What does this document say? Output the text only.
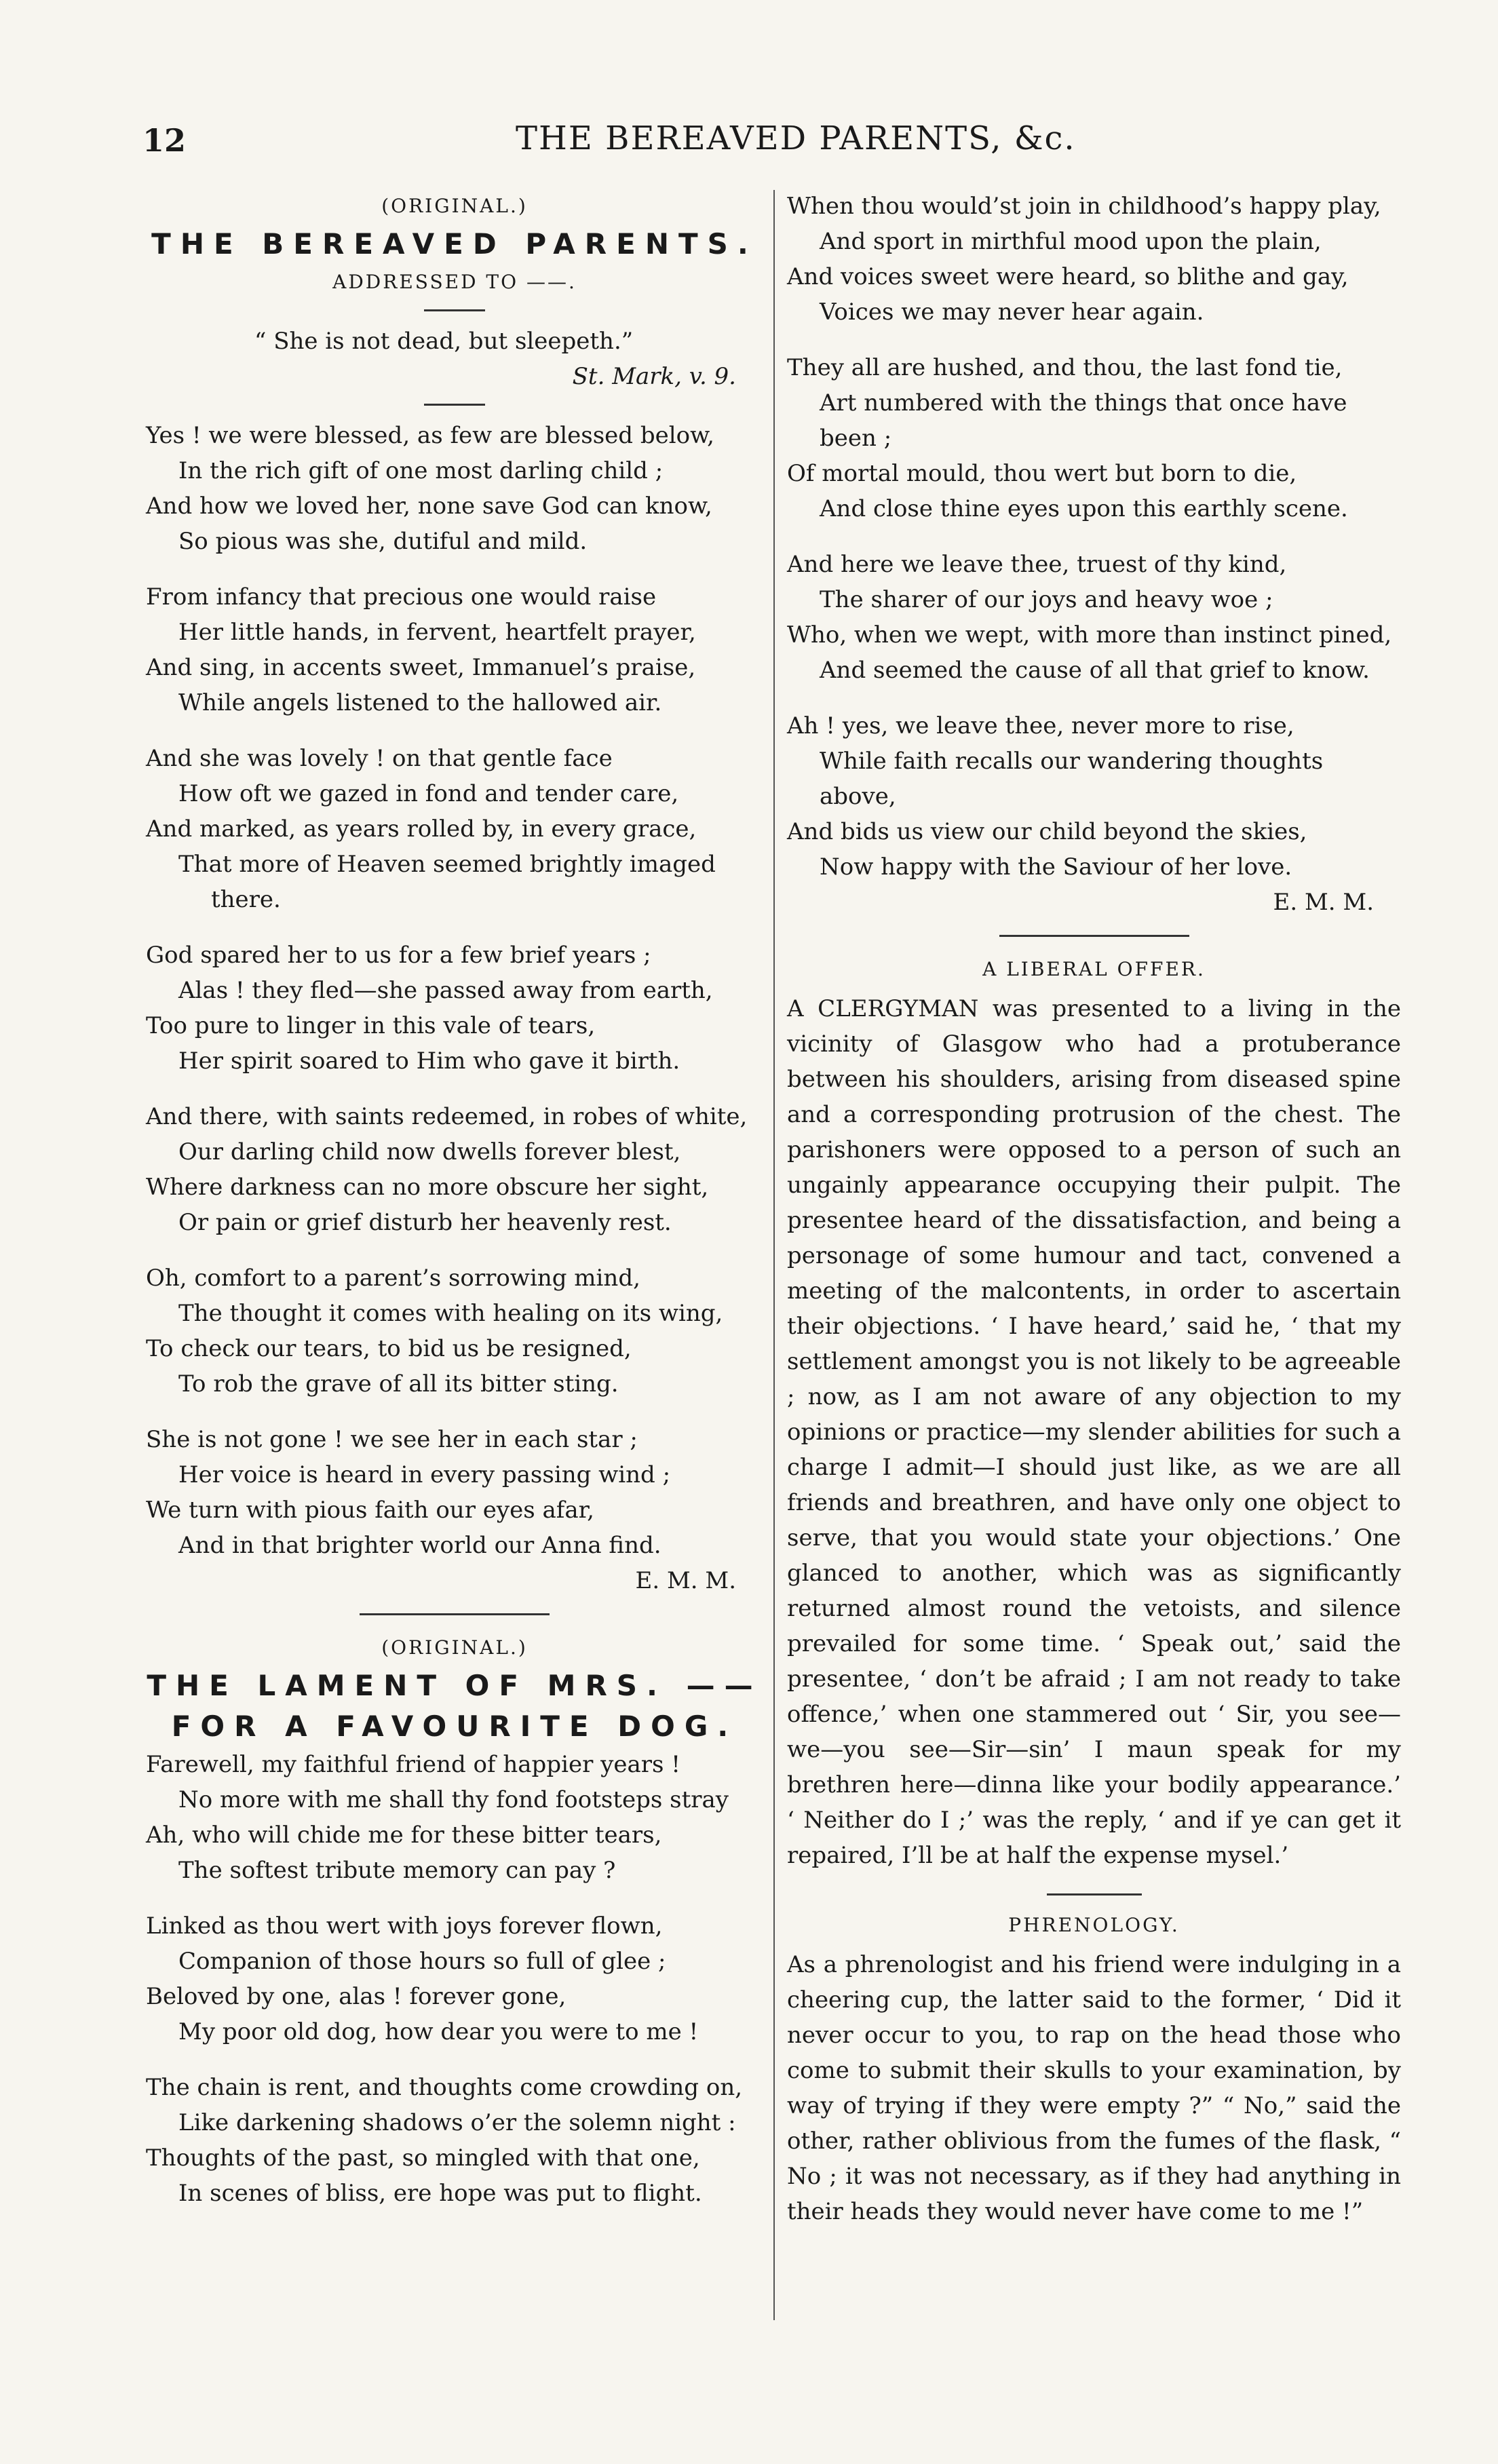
12	THE BEREAVED PARENTS, &c.
(ORIGINAL.)
THE BEREAVED PARENTS.
ADDRESSED TO ——.
“ She is not dead, but sleepeth.”
St. Mark, v. 9.
Yes ! we were blessed, as few are blessed below,
In the rich gift of one most darling child ;
And how we loved her, none save God can know,
So pious was she, dutiful and mild.
From infancy that precious one would raise
Her little hands, in fervent, heartfelt prayer,
And sing, in accents sweet, Immanuel’s praise,
While angels listened to the hallowed air.
And she was lovely ! on that gentle face
How oft we gazed in fond and tender care,
And marked, as years rolled by, in every grace,
That more of Heaven seemed brightly imaged
there.
God spared her to us for a few brief years ;
Alas ! they fled—she passed away from earth,
Too pure to linger in this vale of tears,
Her spirit soared to Him who gave it birth.
And there, with saints redeemed, in robes of white,
Our darling child now dwells forever blest,
Where darkness can no more obscure her sight,
Or pain or grief disturb her heavenly rest.
Oh, comfort to a parent’s sorrowing mind,
The thought it comes with healing on its wing,
To check our tears, to bid us be resigned,
To rob the grave of all its bitter sting.
She is not gone ! we see her in each star ;
Her voice is heard in every passing wind ;
We turn with pious faith our eyes afar,
And in that brighter world our Anna find.
E. M. M.
(ORIGINAL.)
THE LAMENT OF MRS. —— FOR A FAVOURITE DOG.
Farewell, my faithful friend of happier years !
No more with me shall thy fond footsteps stray
Ah, who will chide me for these bitter tears,
The softest tribute memory can pay ?
Linked as thou wert with joys forever flown,
Companion of those hours so full of glee ;
Beloved by one, alas ! forever gone,
My poor old dog, how dear you were to me !
The chain is rent, and thoughts come crowding on,
Like darkening shadows o’er the solemn night :
Thoughts of the past, so mingled with that one,
In scenes of bliss, ere hope was put to flight.
When thou would’st join in childhood’s happy play,
And sport in mirthful mood upon the plain,
And voices sweet were heard, so blithe and gay,
Voices we may never hear again.
They all are hushed, and thou, the last fond tie,
Art numbered with the things that once have
been ;
Of mortal mould, thou wert but born to die,
And close thine eyes upon this earthly scene.
And here we leave thee, truest of thy kind,
The sharer of our joys and heavy woe ;
Who, when we wept, with more than instinct pined,
And seemed the cause of all that grief to know.
Ah ! yes, we leave thee, never more to rise,
While faith recalls our wandering thoughts above,
And bids us view our child beyond the skies,
Now happy with the Saviour of her love.
E. M. M.
A LIBERAL OFFER.

A CLERGYMAN was presented to a living in the vicinity of Glasgow who had a protuberance between his shoulders, arising from diseased spine and a corresponding protrusion of the chest. The parishoners were opposed to a person of such an ungainly appearance occupying their pulpit. The presentee heard of the dissatisfaction, and being a personage of some humour and tact, convened a meeting of the malcontents, in order to ascertain their objections. ‘ I have heard,’ said he, ‘ that my settlement amongst you is not likely to be agreeable ; now, as I am not aware of any objection to my opinions or practice—my slender abilities for such a charge I admit—I should just like, as we are all friends and breathren, and have only one object to serve, that you would state your objections.’ One glanced to another, which was as significantly returned almost round the vetoists, and silence prevailed for some time. ‘ Speak out,’ said the presentee, ‘ don’t be afraid ; I am not ready to take offence,’ when one stammered out ‘ Sir, you see—we—you see—Sir—sin’ I maun speak for my brethren here—dinna like your bodily appearance.’ ‘ Neither do I ;’ was the reply, ‘ and if ye can get it repaired, I’ll be at half the expense mysel.’

PHRENOLOGY.

As a phrenologist and his friend were indulging in a cheering cup, the latter said to the former, ‘ Did it never occur to you, to rap on the head those who come to submit their skulls to your examination, by way of trying if they were empty ?” “ No,” said the other, rather oblivious from the fumes of the flask, “ No ; it was not necessary, as if they had anything in their heads they would never have come to me !”
